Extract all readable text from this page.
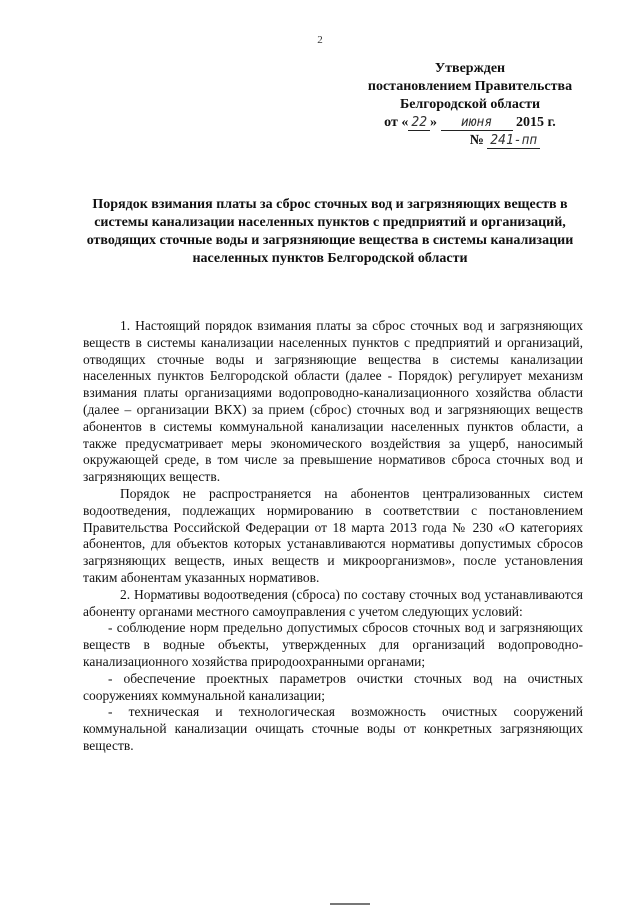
2
Утвержден
постановлением Правительства
Белгородской области
от « 22 » июня 2015 г.
№ 241-пп
Порядок взимания платы за сброс сточных вод и загрязняющих веществ в системы канализации населенных пунктов с предприятий и организаций, отводящих сточные воды и загрязняющие вещества в системы канализации населенных пунктов Белгородской области

1. Настоящий порядок взимания платы за сброс сточных вод и загрязняющих веществ в системы канализации населенных пунктов с предприятий и организаций, отводящих сточные воды и загрязняющие вещества в системы канализации населенных пунктов Белгородской области (далее - Порядок) регулирует механизм взимания платы организациями водопроводно-канализационного хозяйства области (далее – организации ВКХ) за прием (сброс) сточных вод и загрязняющих веществ абонентов в системы коммунальной канализации населенных пунктов области, а также предусматривает меры экономического воздействия за ущерб, наносимый окружающей среде, в том числе за превышение нормативов сброса сточных вод и загрязняющих веществ.

Порядок не распространяется на абонентов централизованных систем водоотведения, подлежащих нормированию в соответствии с постановлением Правительства Российской Федерации от 18 марта 2013 года № 230 «О категориях абонентов, для объектов которых устанавливаются нормативы допустимых сбросов загрязняющих веществ, иных веществ и микроорганизмов», после установления таким абонентам указанных нормативов.

2. Нормативы водоотведения (сброса) по составу сточных вод устанавливаются абоненту органами местного самоуправления с учетом следующих условий:

- соблюдение норм предельно допустимых сбросов сточных вод и загрязняющих веществ в водные объекты, утвержденных для организаций водопроводно-канализационного хозяйства природоохранными органами;

- обеспечение проектных параметров очистки сточных вод на очистных сооружениях коммунальной канализации;

- техническая и технологическая возможность очистных сооружений коммунальной канализации очищать сточные воды от конкретных загрязняющих веществ.
